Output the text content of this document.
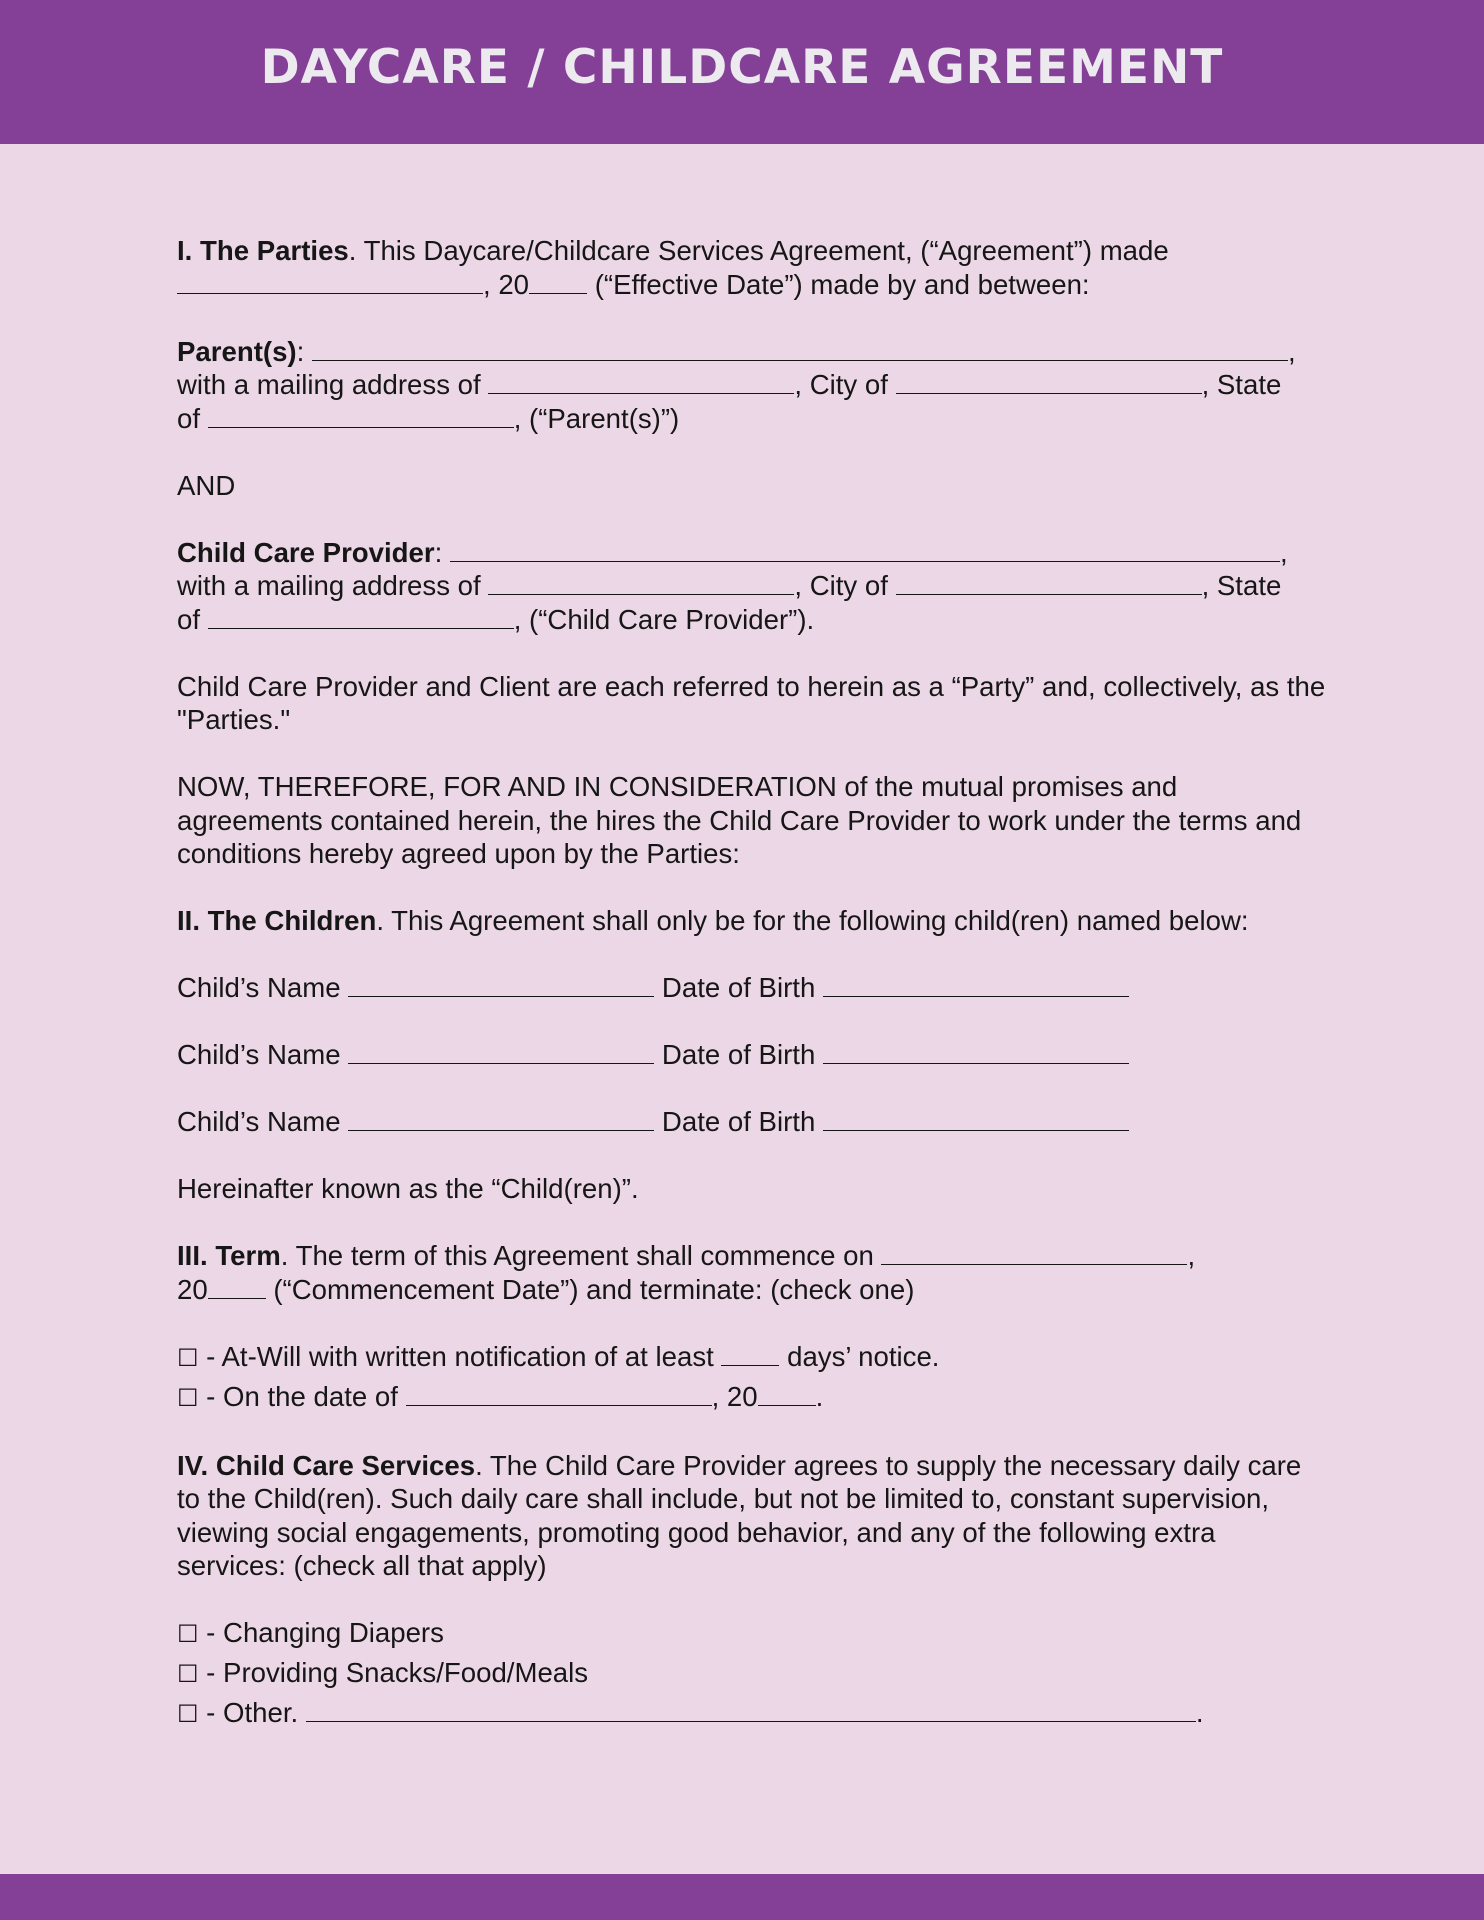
DAYCARE / CHILDCARE AGREEMENT

I. The Parties. This Daycare/Childcare Services Agreement, (“Agreement”) made
, 20 (“Effective Date”) made by and between:

Parent(s):	,
with a mailing address of	, City of	, State
of	, (“Parent(s)”)

AND

Child Care Provider:	,
with a mailing address of	, City of	, State
of	, (“Child Care Provider”).

Child Care Provider and Client are each referred to herein as a “Party” and, collectively, as the "Parties."

NOW, THEREFORE, FOR AND IN CONSIDERATION of the mutual promises and agreements contained herein, the hires the Child Care Provider to work under the terms and conditions hereby agreed upon by the Parties:

II. The Children. This Agreement shall only be for the following child(ren) named below:

Child’s Name	Date of Birth
Child’s Name	Date of Birth
Child’s Name	Date of Birth

Hereinafter known as the “Child(ren)”.

III. Term. The term of this Agreement shall commence on	,
20 (“Commencement Date”) and terminate: (check one)

☐ - At-Will with written notification of at least  days’ notice.
☐ - On the date of	, 20 .

IV. Child Care Services. The Child Care Provider agrees to supply the necessary daily care to the Child(ren). Such daily care shall include, but not be limited to, constant supervision, viewing social engagements, promoting good behavior, and any of the following extra services: (check all that apply)

☐ - Changing Diapers
☐ - Providing Snacks/Food/Meals
☐ - Other.	.
